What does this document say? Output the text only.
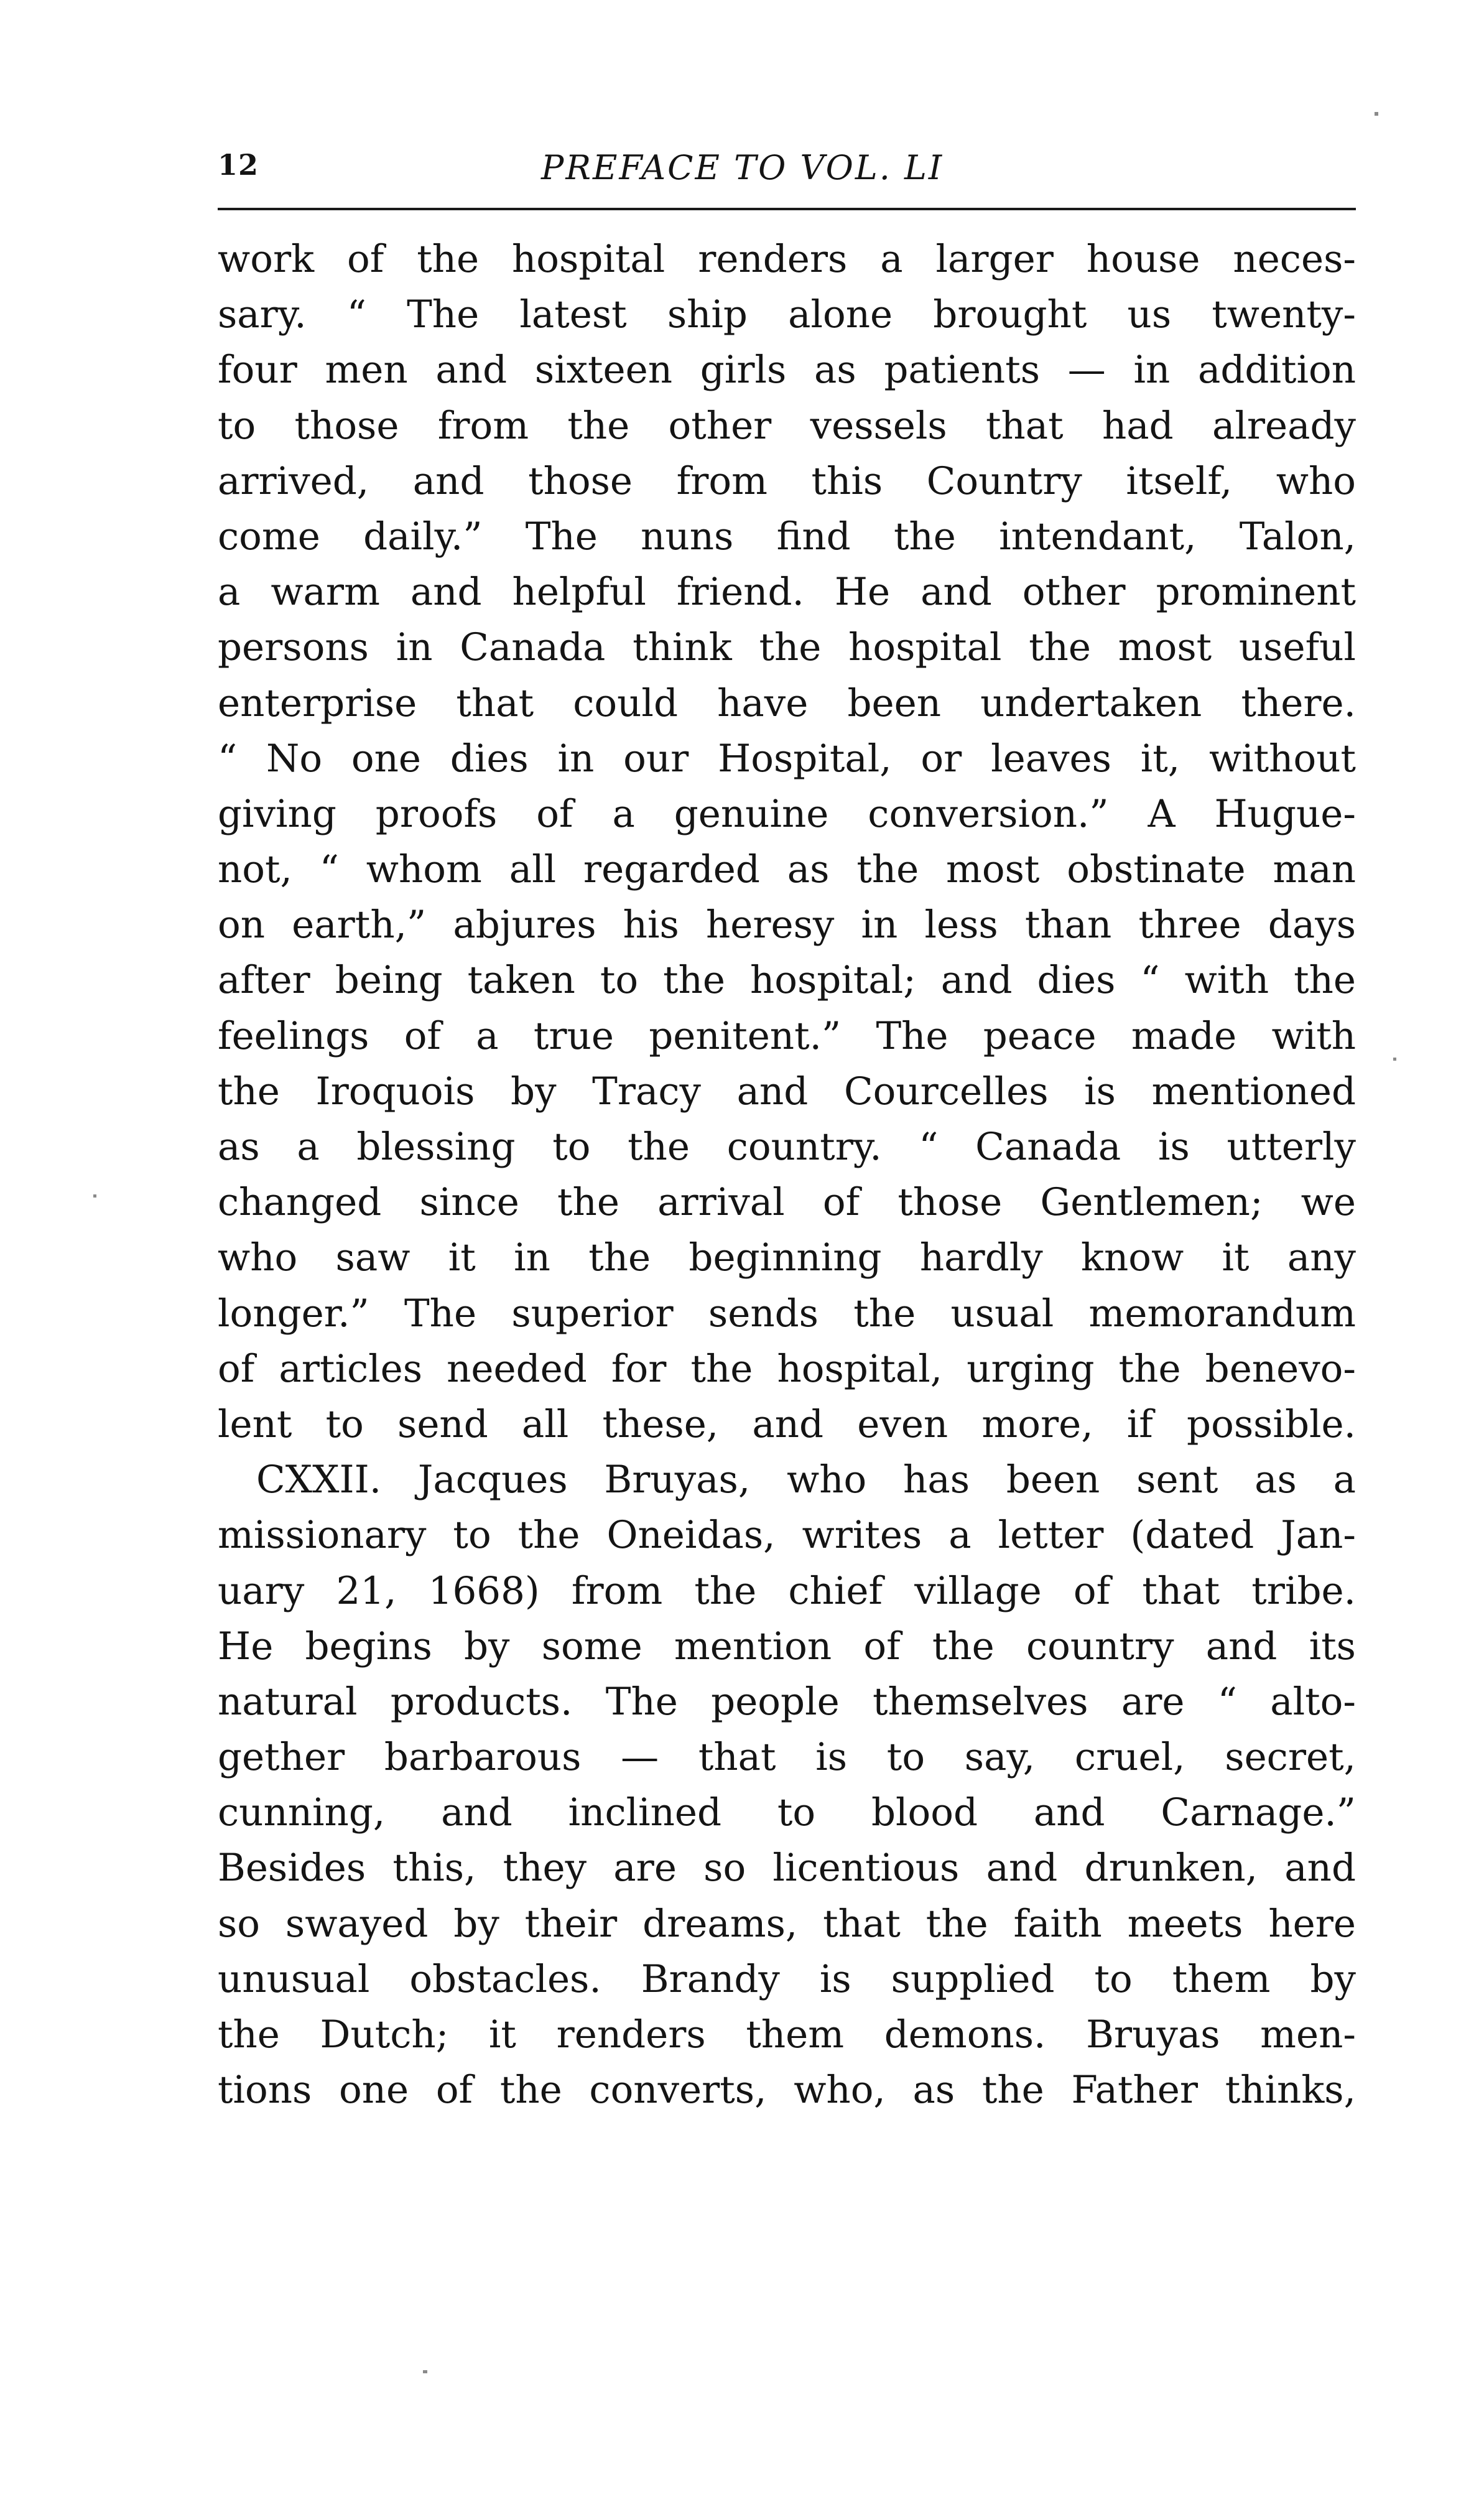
12	PREFACE TO VOL. LI
work of the hospital renders a larger house neces-
sary. “ The latest ship alone brought us twenty-
four men and sixteen girls as patients — in addition
to those from the other vessels that had already
arrived, and those from this Country itself, who
come daily.” The nuns find the intendant, Talon,
a warm and helpful friend. He and other prominent
persons in Canada think the hospital the most useful
enterprise that could have been undertaken there.
“ No one dies in our Hospital, or leaves it, without
giving proofs of a genuine conversion.” A Hugue-
not, “ whom all regarded as the most obstinate man
on earth,” abjures his heresy in less than three days
after being taken to the hospital; and dies “ with the
feelings of a true penitent.” The peace made with
the Iroquois by Tracy and Courcelles is mentioned
as a blessing to the country. “ Canada is utterly
changed since the arrival of those Gentlemen; we
who saw it in the beginning hardly know it any
longer.” The superior sends the usual memorandum
of articles needed for the hospital, urging the benevo-
lent to send all these, and even more, if possible.
CXXII. Jacques Bruyas, who has been sent as a
missionary to the Oneidas, writes a letter (dated Jan-
uary 21, 1668) from the chief village of that tribe.
He begins by some mention of the country and its
natural products. The people themselves are “ alto-
gether barbarous — that is to say, cruel, secret,
cunning, and inclined to blood and Carnage.”
Besides this, they are so licentious and drunken, and
so swayed by their dreams, that the faith meets here
unusual obstacles. Brandy is supplied to them by
the Dutch; it renders them demons. Bruyas men-
tions one of the converts, who, as the Father thinks,
